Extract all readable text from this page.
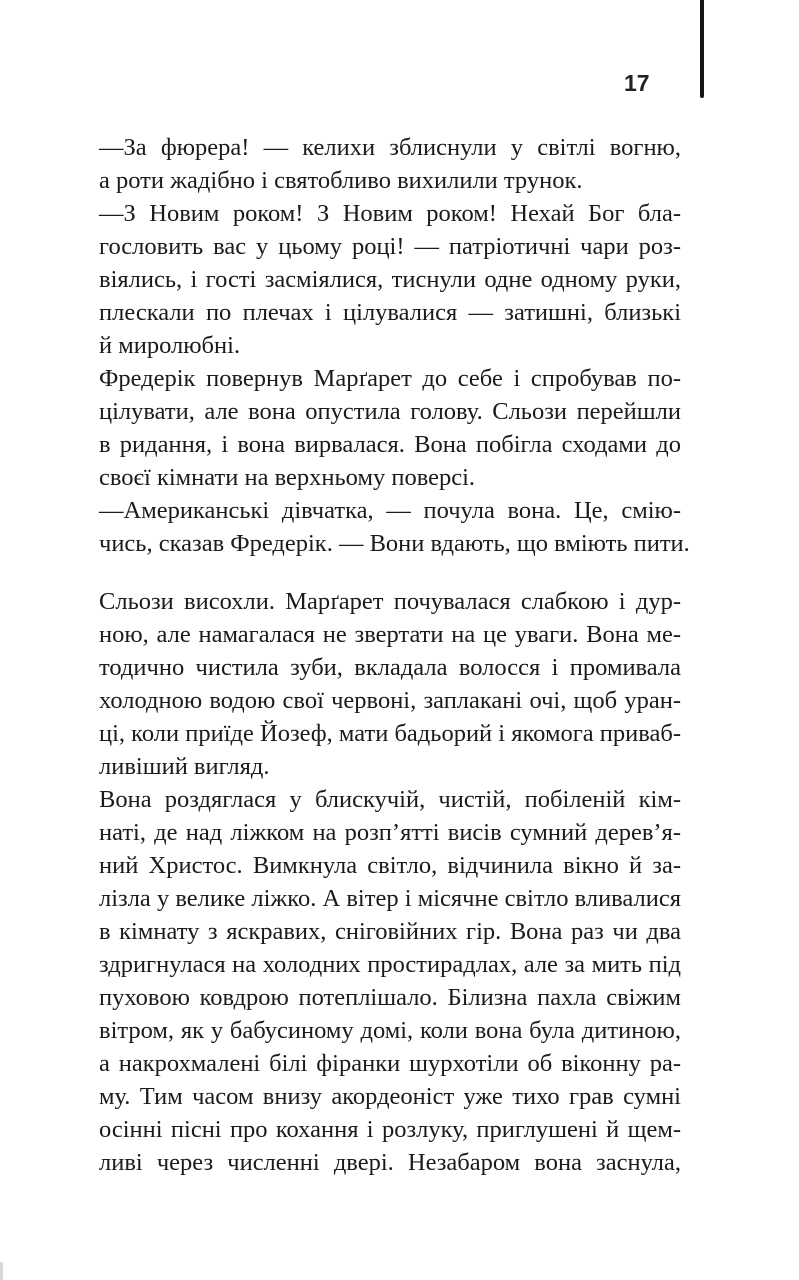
17
—За фюрера! — келихи зблиснули у світлі вогню,
а роти жадібно і святобливо вихилили трунок.
—З Новим роком! З Новим роком! Нехай Бог бла-
гословить вас у цьому році! — патріотичні чари роз-
віялись, і гості засміялися, тиснули одне одному руки,
плескали по плечах і цілувалися — затишні, близькі
й миролюбні.
Фредерік повернув Марґарет до себе і спробував по-
цілувати, але вона опустила голову. Сльози перейшли
в ридання, і вона вирвалася. Вона побігла сходами до
своєї кімнати на верхньому поверсі.
—Американські дівчатка, — почула вона. Це, смію-
чись, сказав Фредерік. — Вони вдають, що вміють пити.
Сльози висохли. Марґарет почувалася слабкою і дур-
ною, але намагалася не звертати на це уваги. Вона ме-
тодично чистила зуби, вкладала волосся і промивала
холодною водою свої червоні, заплакані очі, щоб уран-
ці, коли приїде Йозеф, мати бадьорий і якомога приваб-
ливіший вигляд.
Вона роздяглася у блискучій, чистій, побіленій кім-
наті, де над ліжком на розп’ятті висів сумний дерев’я-
ний Христос. Вимкнула світло, відчинила вікно й за-
лізла у велике ліжко. А вітер і місячне світло вливалися
в кімнату з яскравих, сніговійних гір. Вона раз чи два
здригнулася на холодних простирадлах, але за мить під
пуховою ковдрою потеплішало. Білизна пахла свіжим
вітром, як у бабусиному домі, коли вона була дитиною,
а накрохмалені білі фіранки шурхотіли об віконну ра-
му. Тим часом внизу акордеоніст уже тихо грав сумні
осінні пісні про кохання і розлуку, приглушені й щем-
ливі через численні двері. Незабаром вона заснула,
